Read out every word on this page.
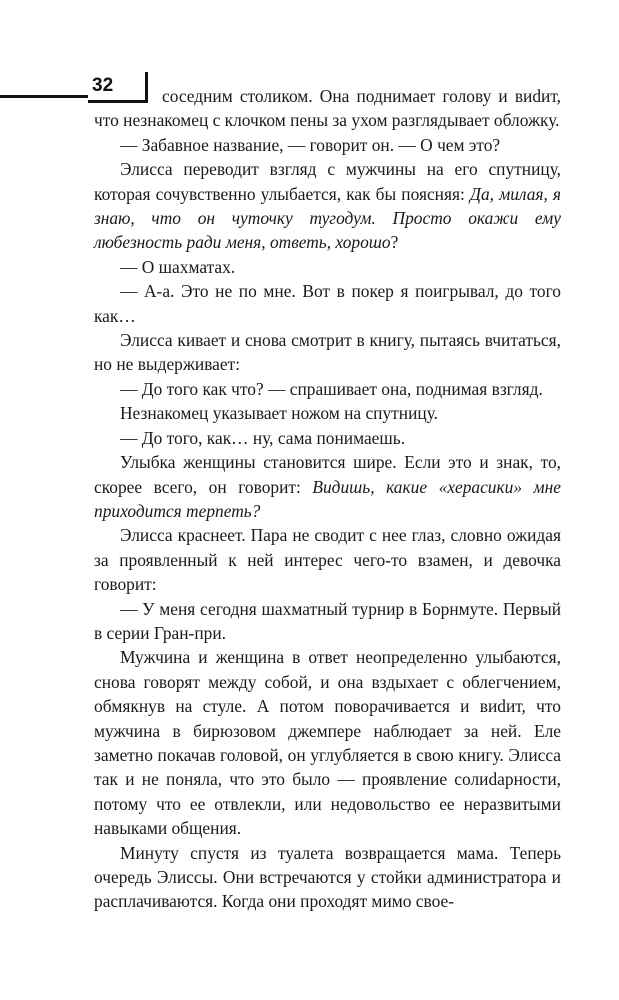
32	соседним столиком. Она поднимает голову и виdит, что незнакомец с клочком пены за ухом разглядывает обложку.

— Забавное название, — говорит он. — О чем это?

Элисса переводит взгляд с мужчины на его спутницу, которая сочувственно улыбается, как бы поясняя: Да, милая, я знаю, что он чуточку тугодум. Просто окажи ему любезность ради меня, ответь, хорошо?

— О шахматах.

— А-а. Это не по мне. Вот в покер я поигрывал, до того как…

Элисса кивает и снова смотрит в книгу, пытаясь вчитаться, но не выдерживает:

— До того как что? — спрашивает она, поднимая взгляд.

Незнакомец указывает ножом на спутницу.

— До того, как… ну, сама понимаешь.

Улыбка женщины становится шире. Если это и знак, то, скорее всего, он говорит: Видишь, какие «херасики» мне приходится терпеть?

Элисса краснеет. Пара не сводит с нее глаз, словно ожидая за проявленный к ней интерес чего-то взамен, и девочка говорит:

— У меня сегодня шахматный турнир в Борнмуте. Первый в серии Гран-при.

Мужчина и женщина в ответ неопределенно улыбаются, снова говорят между собой, и она вздыхает с облегчением, обмякнув на стуле. А потом поворачивается и виdит, что мужчина в бирюзовом джемпере наблюдает за ней. Еле заметно покачав головой, он углубляется в свою книгу. Элисса так и не поняла, что это было — проявление солиdарности, потому что ее отвлекли, или недовольство ее неразвитыми навыками общения.

Минуту спустя из туалета возвращается мама. Теперь очередь Элиссы. Они встречаются у стойки администратора и расплачиваются. Когда они проходят мимо свое-
